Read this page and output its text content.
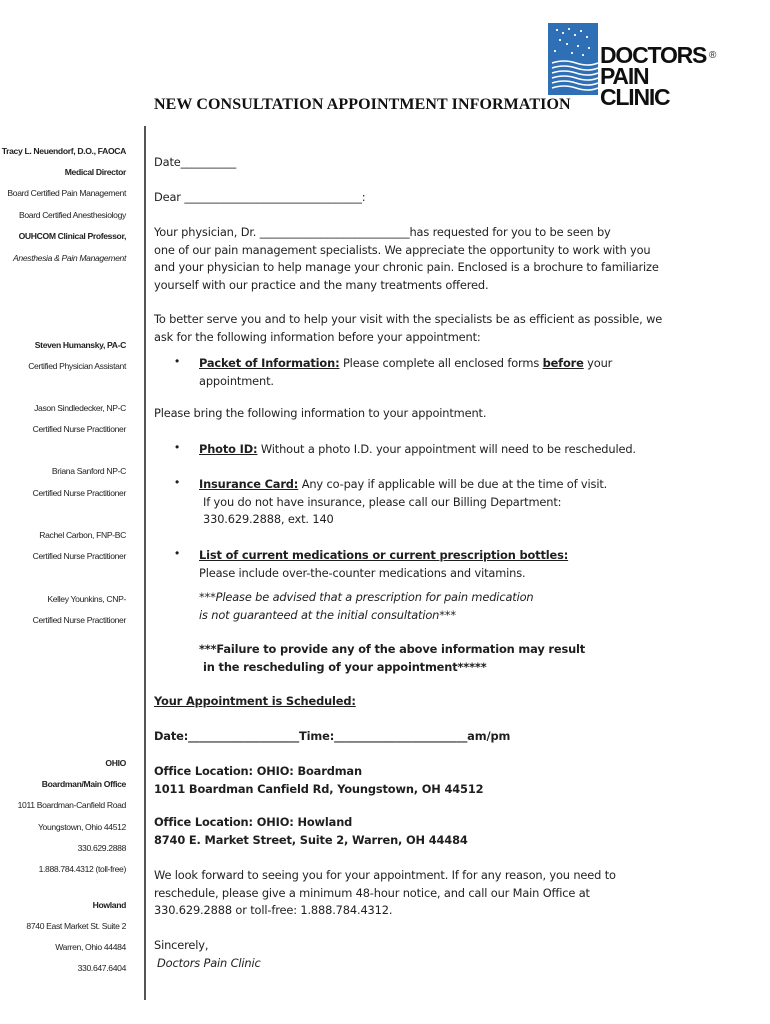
DOCTORS
PAIN CLINIC
®
NEW CONSULTATION APPOINTMENT INFORMATION
Tracy L. Neuendorf, D.O., FAOCA
Medical Director
Board Certified Pain Management
Board Certified Anesthesiology
OUHCOM Clinical Professor,
Anesthesia & Pain Management
Steven Humansky, PA-C
Certified Physician Assistant
Jason Sindledecker, NP-C
Certified Nurse Practitioner
Briana Sanford NP-C
Certified Nurse Practitioner
Rachel Carbon, FNP-BC
Certified Nurse Practitioner
Kelley Younkins, CNP-
Certified Nurse Practitioner
OHIO
Boardman/Main Office
1011 Boardman-Canfield Road
Youngstown, Ohio 44512
330.629.2888
1.888.784.4312 (toll-free)
Howland
8740 East Market St. Suite 2
Warren, Ohio 44484
330.647.6404
Date__________
Dear ________________________________:
Your physician, Dr. ___________________________has requested for you to be seen by
one of our pain management specialists. We appreciate the opportunity to work with you
and your physician to help manage your chronic pain. Enclosed is a brochure to familiarize
yourself with our practice and the many treatments offered.
To better serve you and to help your visit with the specialists be as efficient as possible, we
ask for the following information before your appointment:
• Packet of Information: Please complete all enclosed forms before your
appointment.
Please bring the following information to your appointment.
• Photo ID: Without a photo I.D. your appointment will need to be rescheduled.
• Insurance Card: Any co-pay if applicable will be due at the time of visit.
If you do not have insurance, please call our Billing Department:
330.629.2888, ext. 140
• List of current medications or current prescription bottles:
Please include over-the-counter medications and vitamins.
***Please be advised that a prescription for pain medication
is not guaranteed at the initial consultation***
***Failure to provide any of the above information may result
in the rescheduling of your appointment*****
Your Appointment is Scheduled:
Date:____________________Time:________________________am/pm
Office Location: OHIO: Boardman
1011 Boardman Canfield Rd, Youngstown, OH 44512
Office Location: OHIO: Howland
8740 E. Market Street, Suite 2, Warren, OH 44484
We look forward to seeing you for your appointment. If for any reason, you need to
reschedule, please give a minimum 48-hour notice, and call our Main Office at
330.629.2888 or toll-free: 1.888.784.4312.
Sincerely,
Doctors Pain Clinic
